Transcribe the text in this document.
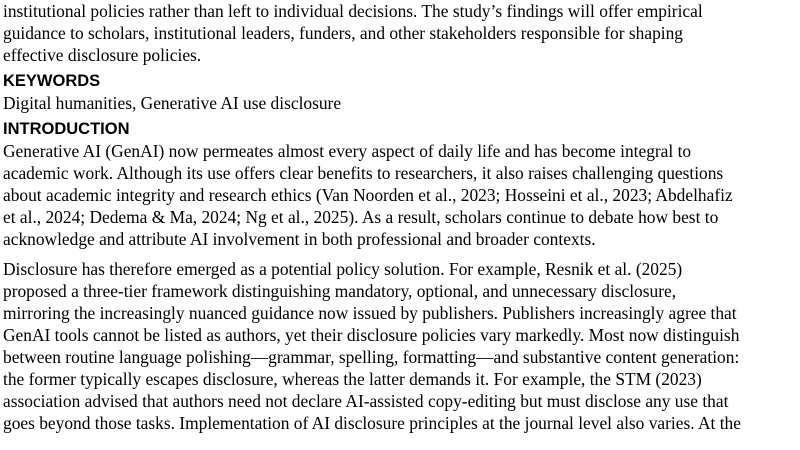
institutional policies rather than left to individual decisions. The study’s findings will offer empirical
guidance to scholars, institutional leaders, funders, and other stakeholders responsible for shaping
effective disclosure policies.
KEYWORDS
Digital humanities, Generative AI use disclosure
INTRODUCTION
Generative AI (GenAI) now permeates almost every aspect of daily life and has become integral to
academic work. Although its use offers clear benefits to researchers, it also raises challenging questions
about academic integrity and research ethics (Van Noorden et al., 2023; Hosseini et al., 2023; Abdelhafiz
et al., 2024; Dedema & Ma, 2024; Ng et al., 2025). As a result, scholars continue to debate how best to
acknowledge and attribute AI involvement in both professional and broader contexts.
Disclosure has therefore emerged as a potential policy solution. For example, Resnik et al. (2025)
proposed a three-tier framework distinguishing mandatory, optional, and unnecessary disclosure,
mirroring the increasingly nuanced guidance now issued by publishers. Publishers increasingly agree that
GenAI tools cannot be listed as authors, yet their disclosure policies vary markedly. Most now distinguish
between routine language polishing—grammar, spelling, formatting—and substantive content generation:
the former typically escapes disclosure, whereas the latter demands it. For example, the STM (2023)
association advised that authors need not declare AI-assisted copy-editing but must disclose any use that
goes beyond those tasks. Implementation of AI disclosure principles at the journal level also varies. At the
